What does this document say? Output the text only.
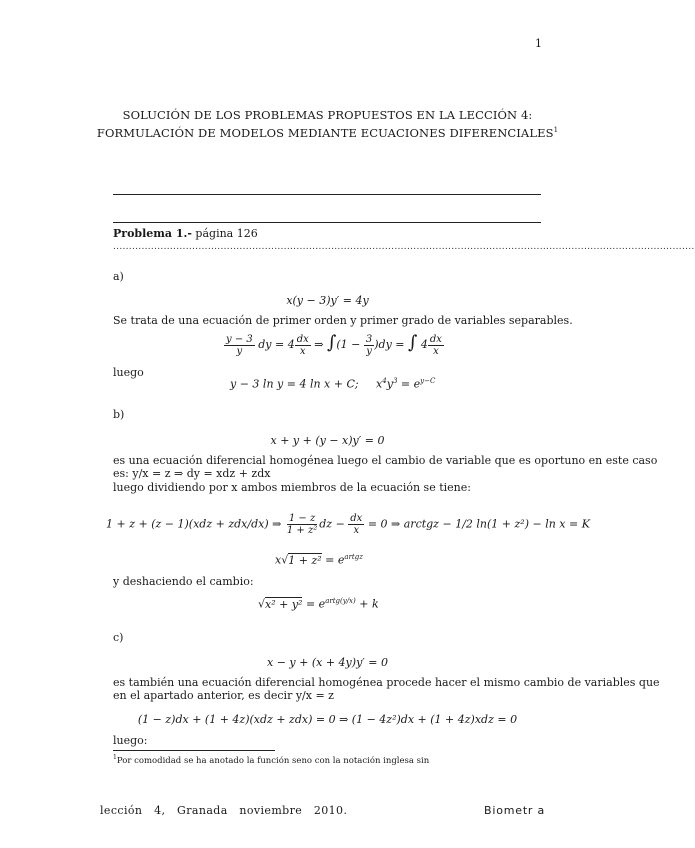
1
SOLUCIÓN DE LOS PROBLEMAS PROPUESTOS EN LA LECCIÓN 4:
FORMULACIÓN DE MODELOS MEDIANTE ECUACIONES DIFERENCIALES$^1$
Problema 1.- página 126
........................................................................................................................................................................................
a)
x(y − 3)y′ = 4y
Se trata de una ecuación de primer orden y primer grado de variables separables.
$\frac{y - 3}{y}$ dy = $4 \frac{dx}{x}$ ⇒ $\int(1 - \frac{3}{y} )dy$ = ∫ $4 \frac{dx}{x}$
luego
y − 3 ln y = 4 ln x + C;     $x^4y^3 = e^{y-C}$
b)
x + y + (y − x)y′ = 0
es una ecuación diferencial homogénea luego el cambio de variable que es oportuno en este caso
es: y/x = z ⇒ dy = xdz + zdx
luego dividiendo por x ambos miembros de la ecuación se tiene:
1 + z + (z − 1)(xdz + zdx/dx) ⇒ $\frac{1 - z}{\text{1 + z²}}$ dz − $\frac{dx}{x} = 0$ ⇒ arctgz − 1/2 ln(1 + z²) − ln x = K
$x√1 + z^2 = e^{artgz}$
y deshaciendo el cambio:
$√x^2 + y^2 = e^{artg(y/x)} + k$
c)
x − y + (x + 4y)y′ = 0
es también una ecuación diferencial homogénea procede hacer el mismo cambio de variables que
en el apartado anterior, es decir y/x = z
(1 − z)dx + (1 + 4z)(xdz + zdx) = 0 ⇒ (1 − 4z²)dx + (1 + 4z)xdz = 0
luego:
$^1$Por comodidad se ha anotado la función seno con la notación inglesa sin
lección   4,   Granada   noviembre   2010.	Biometr a
